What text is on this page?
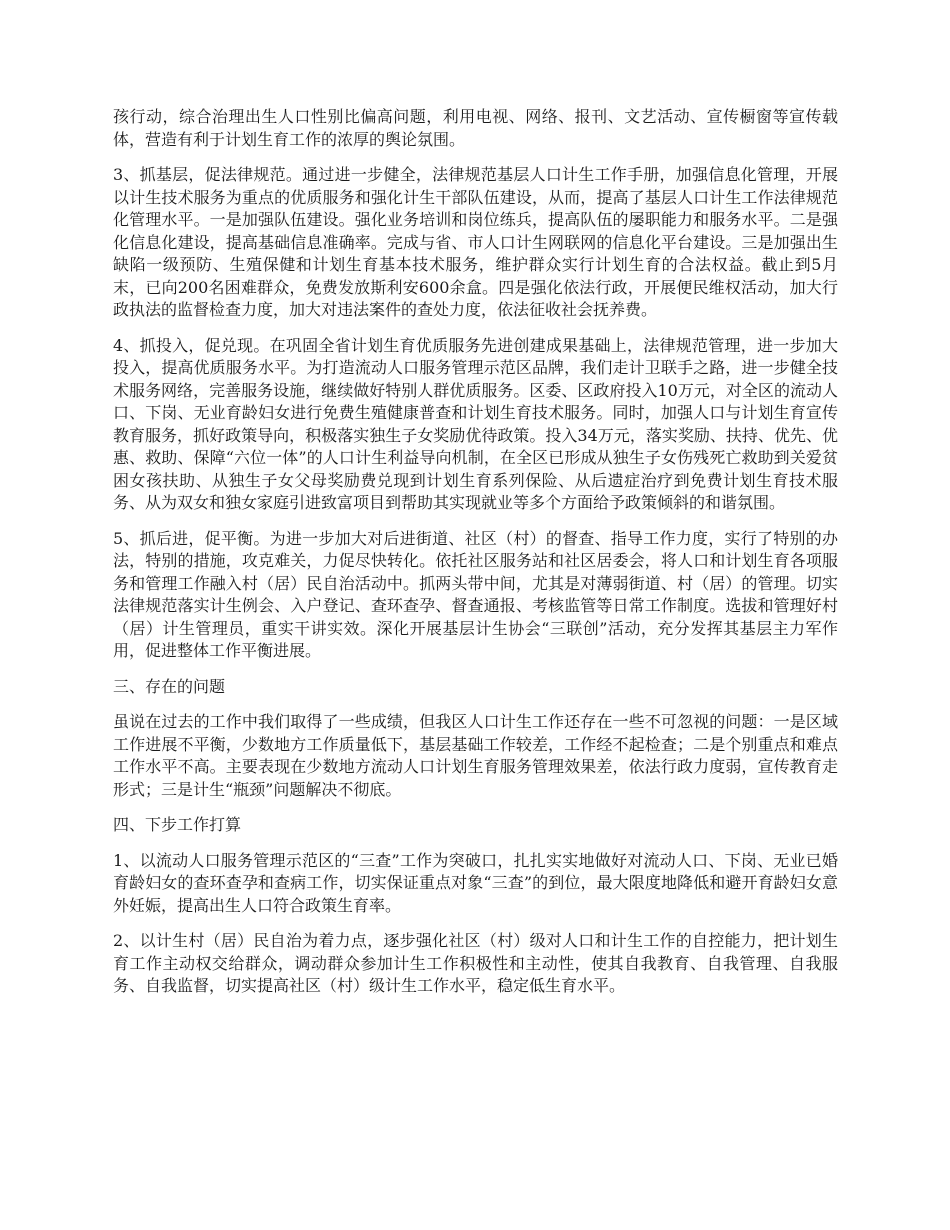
孩行动，综合治理出生人口性别比偏高问题，利用电视、网络、报刊、文艺活动、宣传橱窗等宣传载体，营造有利于计划生育工作的浓厚的舆论氛围。

3、抓基层，促法律规范。通过进一步健全，法律规范基层人口计生工作手册，加强信息化管理，开展以计生技术服务为重点的优质服务和强化计生干部队伍建设，从而，提高了基层人口计生工作法律规范化管理水平。一是加强队伍建设。强化业务培训和岗位练兵，提高队伍的屡职能力和服务水平。二是强化信息化建设，提高基础信息准确率。完成与省、市人口计生网联网的信息化平台建设。三是加强出生缺陷一级预防、生殖保健和计划生育基本技术服务，维护群众实行计划生育的合法权益。截止到5月末，已向200名困难群众，免费发放斯利安600余盒。四是强化依法行政，开展便民维权活动，加大行政执法的监督检查力度，加大对违法案件的查处力度，依法征收社会抚养费。

4、抓投入，促兑现。在巩固全省计划生育优质服务先进创建成果基础上，法律规范管理，进一步加大投入，提高优质服务水平。为打造流动人口服务管理示范区品牌，我们走计卫联手之路，进一步健全技术服务网络，完善服务设施，继续做好特别人群优质服务。区委、区政府投入10万元，对全区的流动人口、下岗、无业育龄妇女进行免费生殖健康普查和计划生育技术服务。同时，加强人口与计划生育宣传教育服务，抓好政策导向，积极落实独生子女奖励优待政策。投入34万元，落实奖励、扶持、优先、优惠、救助、保障“六位一体”的人口计生利益导向机制，在全区已形成从独生子女伤残死亡救助到关爱贫困女孩扶助、从独生子女父母奖励费兑现到计划生育系列保险、从后遗症治疗到免费计划生育技术服务、从为双女和独女家庭引进致富项目到帮助其实现就业等多个方面给予政策倾斜的和谐氛围。

5、抓后进，促平衡。为进一步加大对后进街道、社区（村）的督查、指导工作力度，实行了特别的办法，特别的措施，攻克难关，力促尽快转化。依托社区服务站和社区居委会，将人口和计划生育各项服务和管理工作融入村（居）民自治活动中。抓两头带中间，尤其是对薄弱街道、村（居）的管理。切实法律规范落实计生例会、入户登记、查环查孕、督查通报、考核监管等日常工作制度。选拔和管理好村（居）计生管理员，重实干讲实效。深化开展基层计生协会“三联创”活动，充分发挥其基层主力军作用，促进整体工作平衡进展。

三、存在的问题

虽说在过去的工作中我们取得了一些成绩，但我区人口计生工作还存在一些不可忽视的问题：一是区域工作进展不平衡，少数地方工作质量低下，基层基础工作较差，工作经不起检查；二是个别重点和难点工作水平不高。主要表现在少数地方流动人口计划生育服务管理效果差，依法行政力度弱，宣传教育走形式；三是计生“瓶颈”问题解决不彻底。

四、下步工作打算

1、以流动人口服务管理示范区的“三查”工作为突破口，扎扎实实地做好对流动人口、下岗、无业已婚育龄妇女的查环查孕和查病工作，切实保证重点对象“三查”的到位，最大限度地降低和避开育龄妇女意外妊娠，提高出生人口符合政策生育率。

2、以计生村（居）民自治为着力点，逐步强化社区（村）级对人口和计生工作的自控能力，把计划生育工作主动权交给群众，调动群众参加计生工作积极性和主动性，使其自我教育、自我管理、自我服务、自我监督，切实提高社区（村）级计生工作水平，稳定低生育水平。
